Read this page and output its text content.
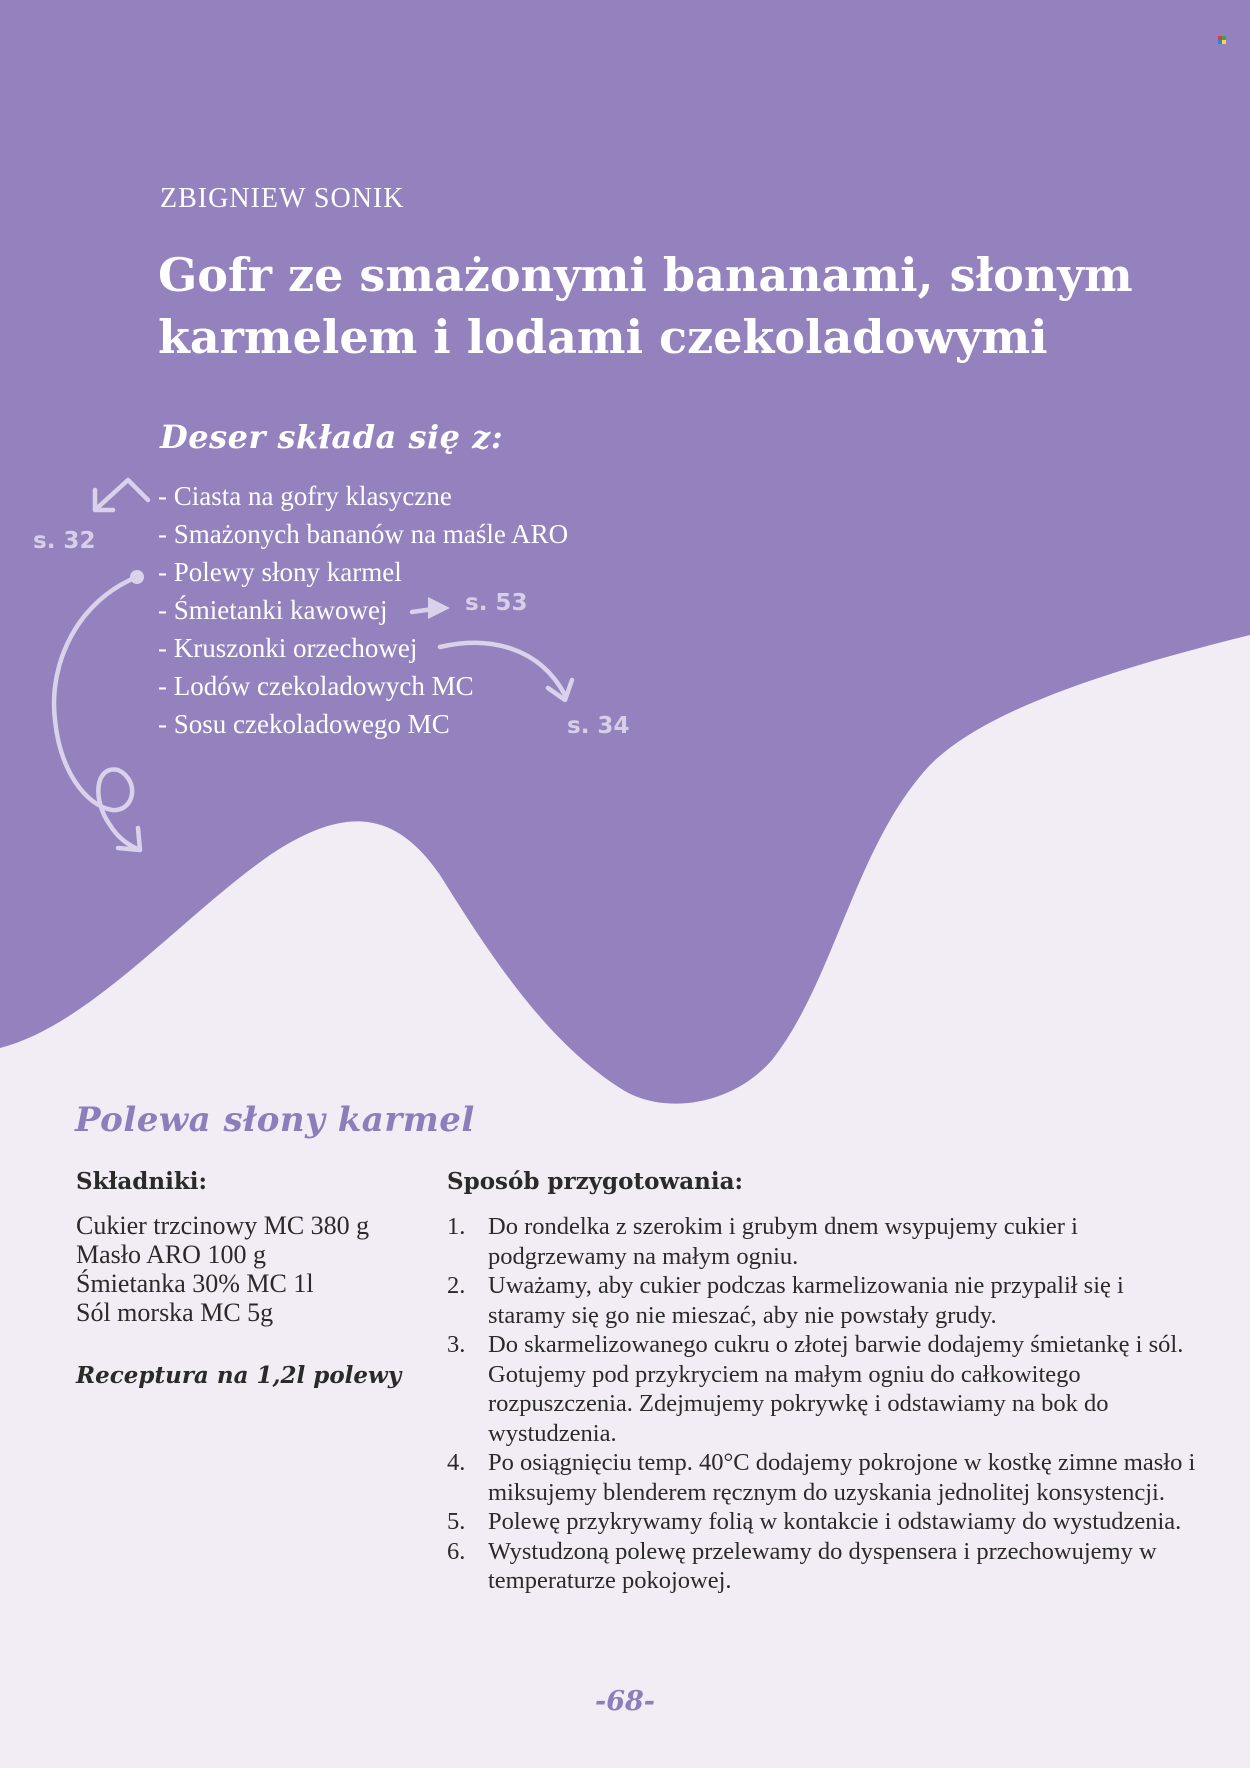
ZBIGNIEW SONIK
Gofr ze smażonymi bananami, słonym karmelem i lodami czekoladowymi
Deser składa się z:
- Ciasta na gofry klasyczne
- Smażonych bananów na maśle ARO
- Polewy słony karmel
- Śmietanki kawowej
- Kruszonki orzechowej
- Lodów czekoladowych MC
- Sosu czekoladowego MC
s. 32
s. 53
s. 34
Polewa słony karmel
Składniki:
Cukier trzcinowy MC 380 g
Masło ARO 100 g
Śmietanka 30% MC 1l
Sól morska MC 5g
Receptura na 1,2l polewy
Sposób przygotowania:
1. Do rondelka z szerokim i grubym dnem wsypujemy cukier i podgrzewamy na małym ogniu.
2. Uważamy, aby cukier podczas karmelizowania nie przypalił się i staramy się go nie mieszać, aby nie powstały grudy.
3. Do skarmelizowanego cukru o złotej barwie dodajemy śmietankę i sól. Gotujemy pod przykryciem na małym ogniu do całkowitego rozpuszczenia. Zdejmujemy pokrywkę i odstawiamy na bok do wystudzenia.
4. Po osiągnięciu temp. 40°C dodajemy pokrojone w kostkę zimne masło i miksujemy blenderem ręcznym do uzyskania jednolitej konsystencji.
5. Polewę przykrywamy folią w kontakcie i odstawiamy do wystudzenia.
6. Wystudzoną polewę przelewamy do dyspensera i przechowujemy w temperaturze pokojowej.
-68-
